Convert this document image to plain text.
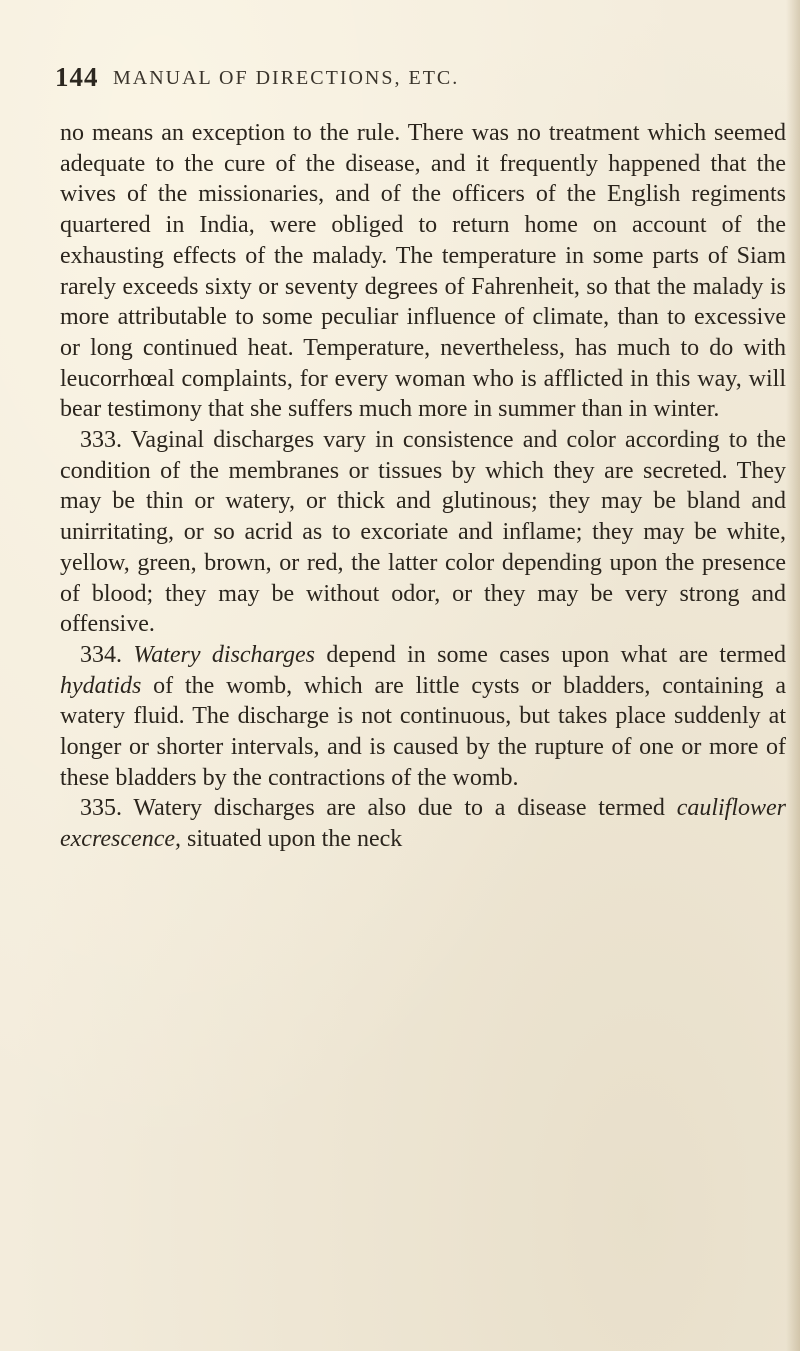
144 MANUAL OF DIRECTIONS, ETC.

no means an exception to the rule. There was no treatment which seemed adequate to the cure of the disease, and it frequently happened that the wives of the missionaries, and of the officers of the English regiments quartered in India, were obliged to return home on account of the exhausting effects of the malady. The temperature in some parts of Siam rarely exceeds sixty or seventy degrees of Fahrenheit, so that the malady is more attributable to some peculiar influence of climate, than to excessive or long continued heat. Temperature, nevertheless, has much to do with leucorrhœal complaints, for every woman who is afflicted in this way, will bear testimony that she suffers much more in summer than in winter.

333. Vaginal discharges vary in consistence and color according to the condition of the membranes or tissues by which they are secreted. They may be thin or watery, or thick and glutinous; they may be bland and unirritating, or so acrid as to excoriate and inflame; they may be white, yellow, green, brown, or red, the latter color depending upon the presence of blood; they may be without odor, or they may be very strong and offensive.

334. Watery discharges depend in some cases upon what are termed hydatids of the womb, which are little cysts or bladders, containing a watery fluid. The discharge is not continuous, but takes place suddenly at longer or shorter intervals, and is caused by the rupture of one or more of these bladders by the contractions of the womb.

335. Watery discharges are also due to a disease termed cauliflower excrescence, situated upon the neck
